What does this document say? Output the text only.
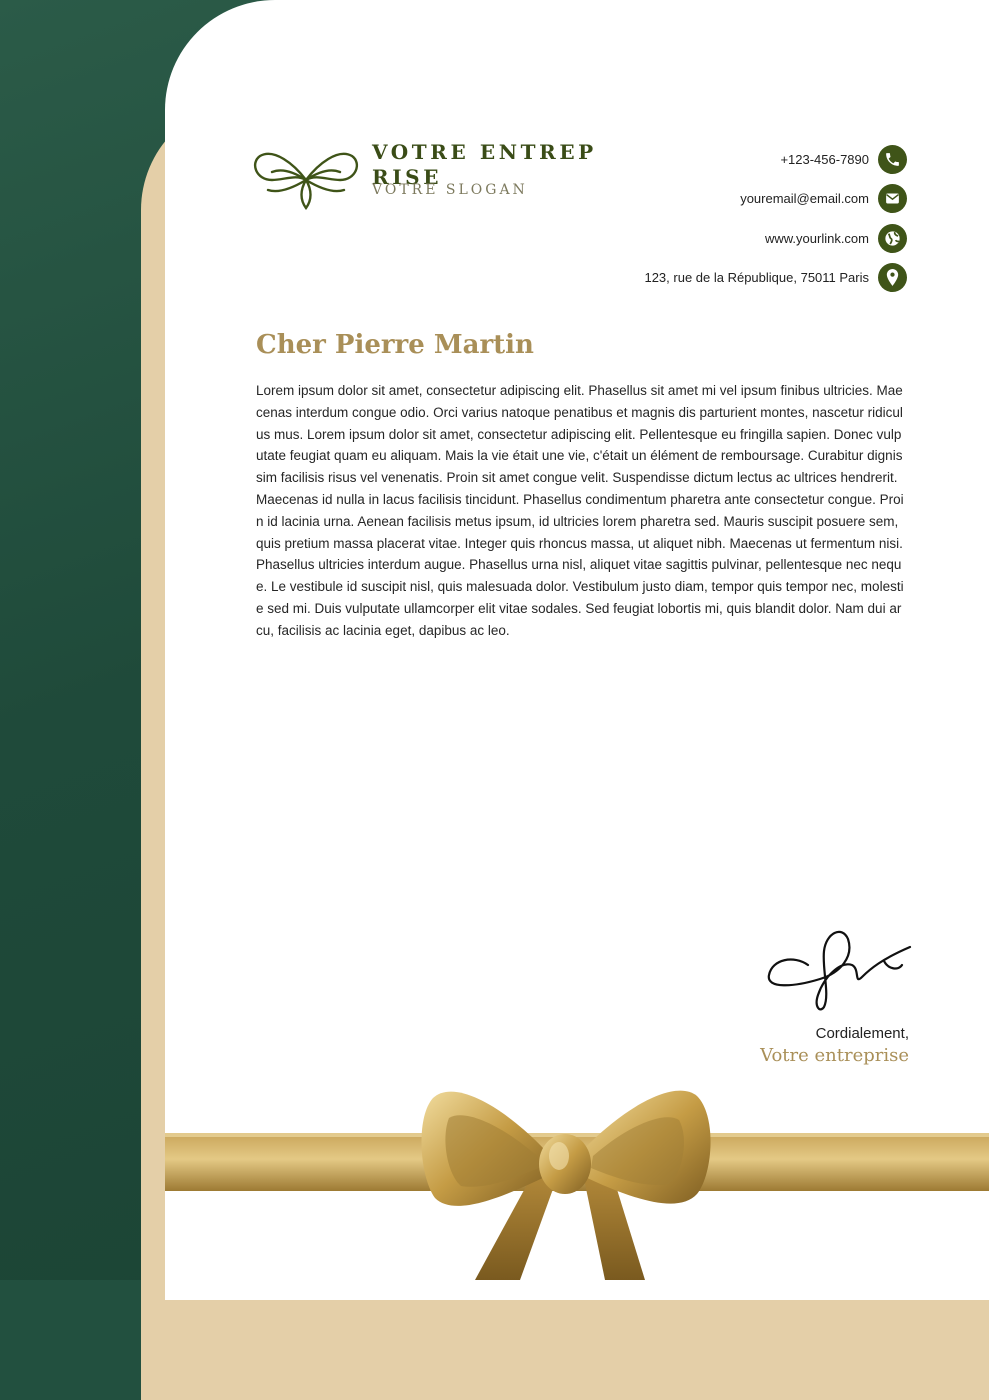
VOTRE ENTREPRISE
VOTRE SLOGAN
+123-456-7890
youremail@email.com
www.yourlink.com
123, rue de la République, 75011 Paris
Cher Pierre Martin

Lorem ipsum dolor sit amet, consectetur adipiscing elit. Phasellus sit amet mi vel ipsum finibus ultricies. Maecenas interdum congue odio. Orci varius natoque penatibus et magnis dis parturient montes, nascetur ridiculus mus. Lorem ipsum dolor sit amet, consectetur adipiscing elit. Pellentesque eu fringilla sapien. Donec vulputate feugiat quam eu aliquam. Mais la vie était une vie, c'était un élément de remboursage. Curabitur dignissim facilisis risus vel venenatis. Proin sit amet congue velit. Suspendisse dictum lectus ac ultrices hendrerit. Maecenas id nulla in lacus facilisis tincidunt. Phasellus condimentum pharetra ante consectetur congue. Proin id lacinia urna. Aenean facilisis metus ipsum, id ultricies lorem pharetra sed. Mauris suscipit posuere sem, quis pretium massa placerat vitae. Integer quis rhoncus massa, ut aliquet nibh. Maecenas ut fermentum nisi. Phasellus ultricies interdum augue. Phasellus urna nisl, aliquet vitae sagittis pulvinar, pellentesque nec neque. Le vestibule id suscipit nisl, quis malesuada dolor. Vestibulum justo diam, tempor quis tempor nec, molestie sed mi. Duis vulputate ullamcorper elit vitae sodales. Sed feugiat lobortis mi, quis blandit dolor. Nam dui arcu, facilisis ac lacinia eget, dapibus ac leo.

Cordialement,
Votre entreprise
